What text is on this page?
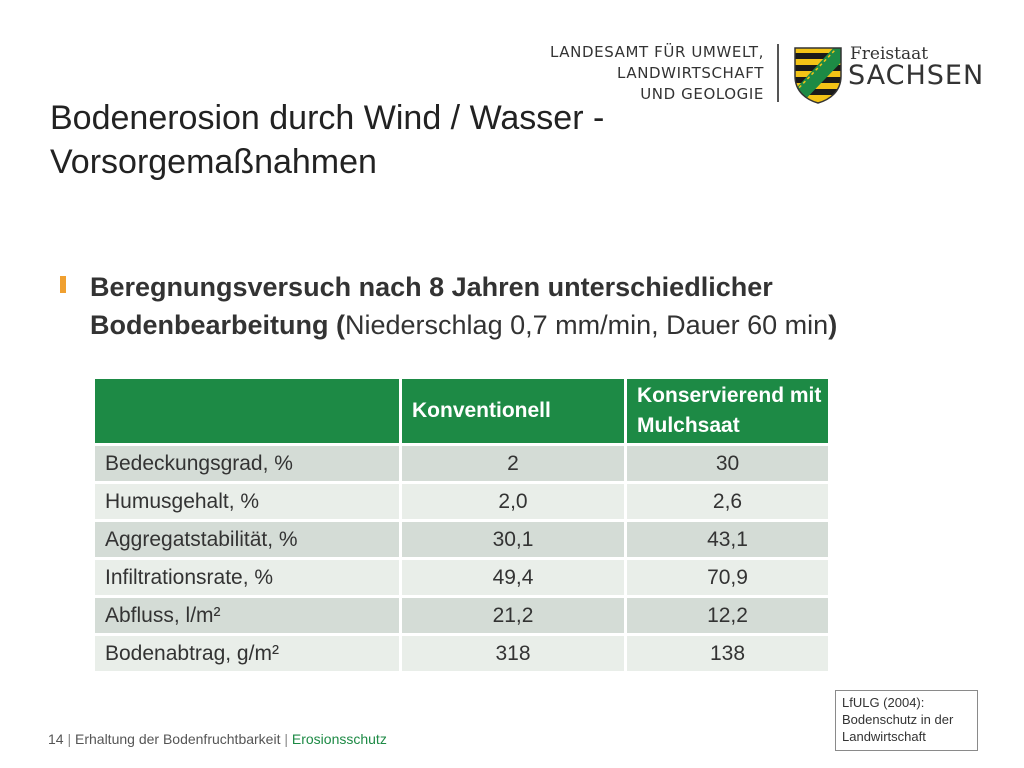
LANDESAMT FÜR UMWELT,
LANDWIRTSCHAFT
UND GEOLOGIE
Freistaat
SACHSEN
Bodenerosion durch Wind / Wasser -
Vorsorgemaßnahmen
Beregnungsversuch nach 8 Jahren unterschiedlicher
Bodenbearbeitung (Niederschlag 0,7 mm/min, Dauer 60 min)
	Konventionell	Konservierend mit Mulchsaat
Bedeckungsgrad, %	2	30
Humusgehalt, %	2,0	2,6
Aggregatstabilität, %	30,1	43,1
Infiltrationsrate, %	49,4	70,9
Abfluss, l/m²	21,2	12,2
Bodenabtrag, g/m²	318	138
LfULG (2004):
Bodenschutz in der
Landwirtschaft
14 | Erhaltung der Bodenfruchtbarkeit | Erosionsschutz
